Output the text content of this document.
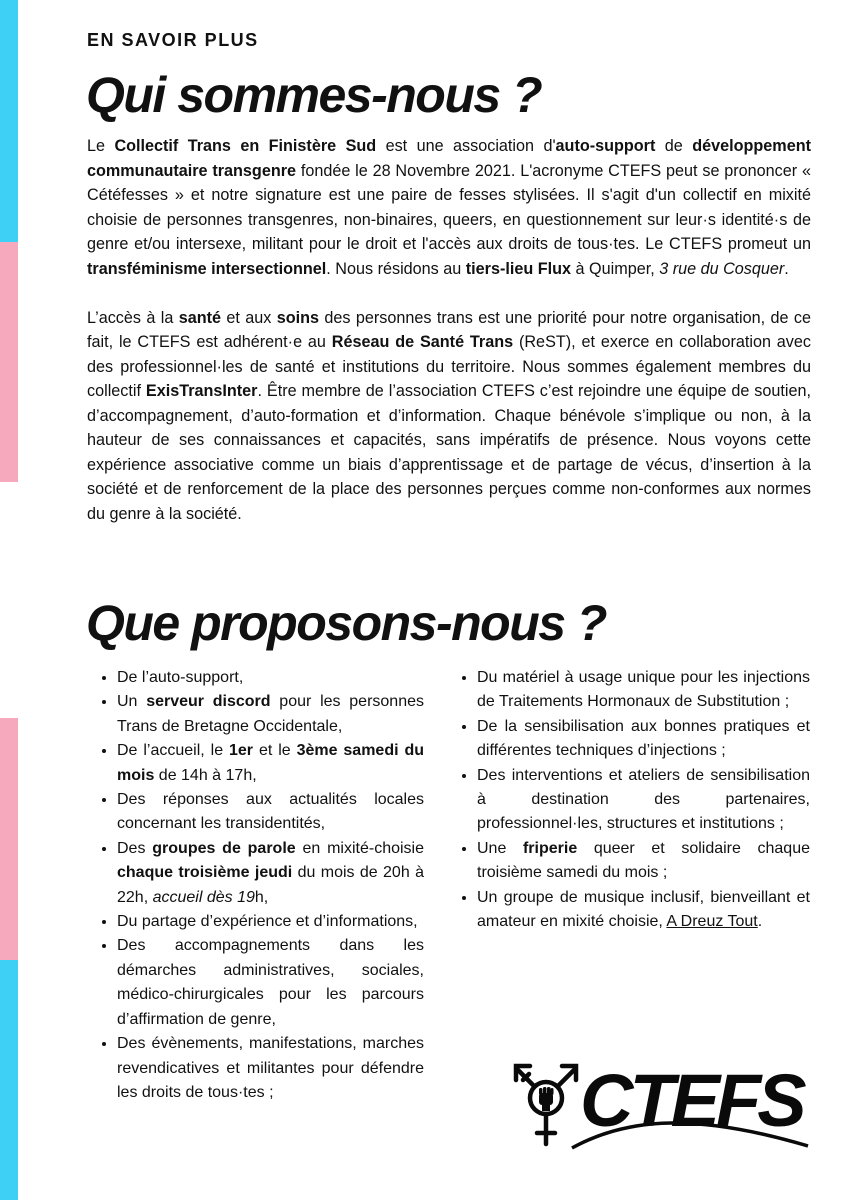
EN SAVOIR PLUS
Qui sommes-nous ?

Le Collectif Trans en Finistère Sud est une association d'auto-support de développement communautaire transgenre fondée le 28 Novembre 2021. L'acronyme CTEFS peut se prononcer « Cétéfesses » et notre signature est une paire de fesses stylisées. Il s'agit d'un collectif en mixité choisie de personnes transgenres, non-binaires, queers, en questionnement sur leur·s identité·s de genre et/ou intersexe, militant pour le droit et l'accès aux droits de tous·tes. Le CTEFS promeut un transféminisme intersectionnel. Nous résidons au tiers-lieu Flux à Quimper, 3 rue du Cosquer.

L’accès à la santé et aux soins des personnes trans est une priorité pour notre organisation, de ce fait, le CTEFS est adhérent·e au Réseau de Santé Trans (ReST), et exerce en collaboration avec des professionnel·les de santé et institutions du territoire. Nous sommes également membres du collectif ExisTransInter. Être membre de l’association CTEFS c’est rejoindre une équipe de soutien, d’accompagnement, d’auto-formation et d’information. Chaque bénévole s’implique ou non, à la hauteur de ses connaissances et capacités, sans impératifs de présence. Nous voyons cette expérience associative comme un biais d’apprentissage et de partage de vécus, d’insertion à la société et de renforcement de la place des personnes perçues comme non-conformes aux normes du genre à la société.

Que proposons-nous ?
• De l’auto-support,
• Un serveur discord pour les personnes Trans de Bretagne Occidentale,
• De l’accueil, le 1er et le 3ème samedi du mois de 14h à 17h,
• Des réponses aux actualités locales concernant les transidentités,
• Des groupes de parole en mixité-choisie chaque troisième jeudi du mois de 20h à 22h, accueil dès 19h,
• Du partage d’expérience et d’informations,
• Des accompagnements dans les démarches administratives, sociales, médico-chirurgicales pour les parcours d’affirmation de genre,
• Des évènements, manifestations, marches revendicatives et militantes pour défendre les droits de tous·tes ;
• Du matériel à usage unique pour les injections de Traitements Hormonaux de Substitution ;
• De la sensibilisation aux bonnes pratiques et différentes techniques d’injections ;
• Des interventions et ateliers de sensibilisation à destination des partenaires, professionnel·les, structures et institutions ;
• Une friperie queer et solidaire chaque troisième samedi du mois ;
• Un groupe de musique inclusif, bienveillant et amateur en mixité choisie, A Dreuz Tout.
CTEFS
